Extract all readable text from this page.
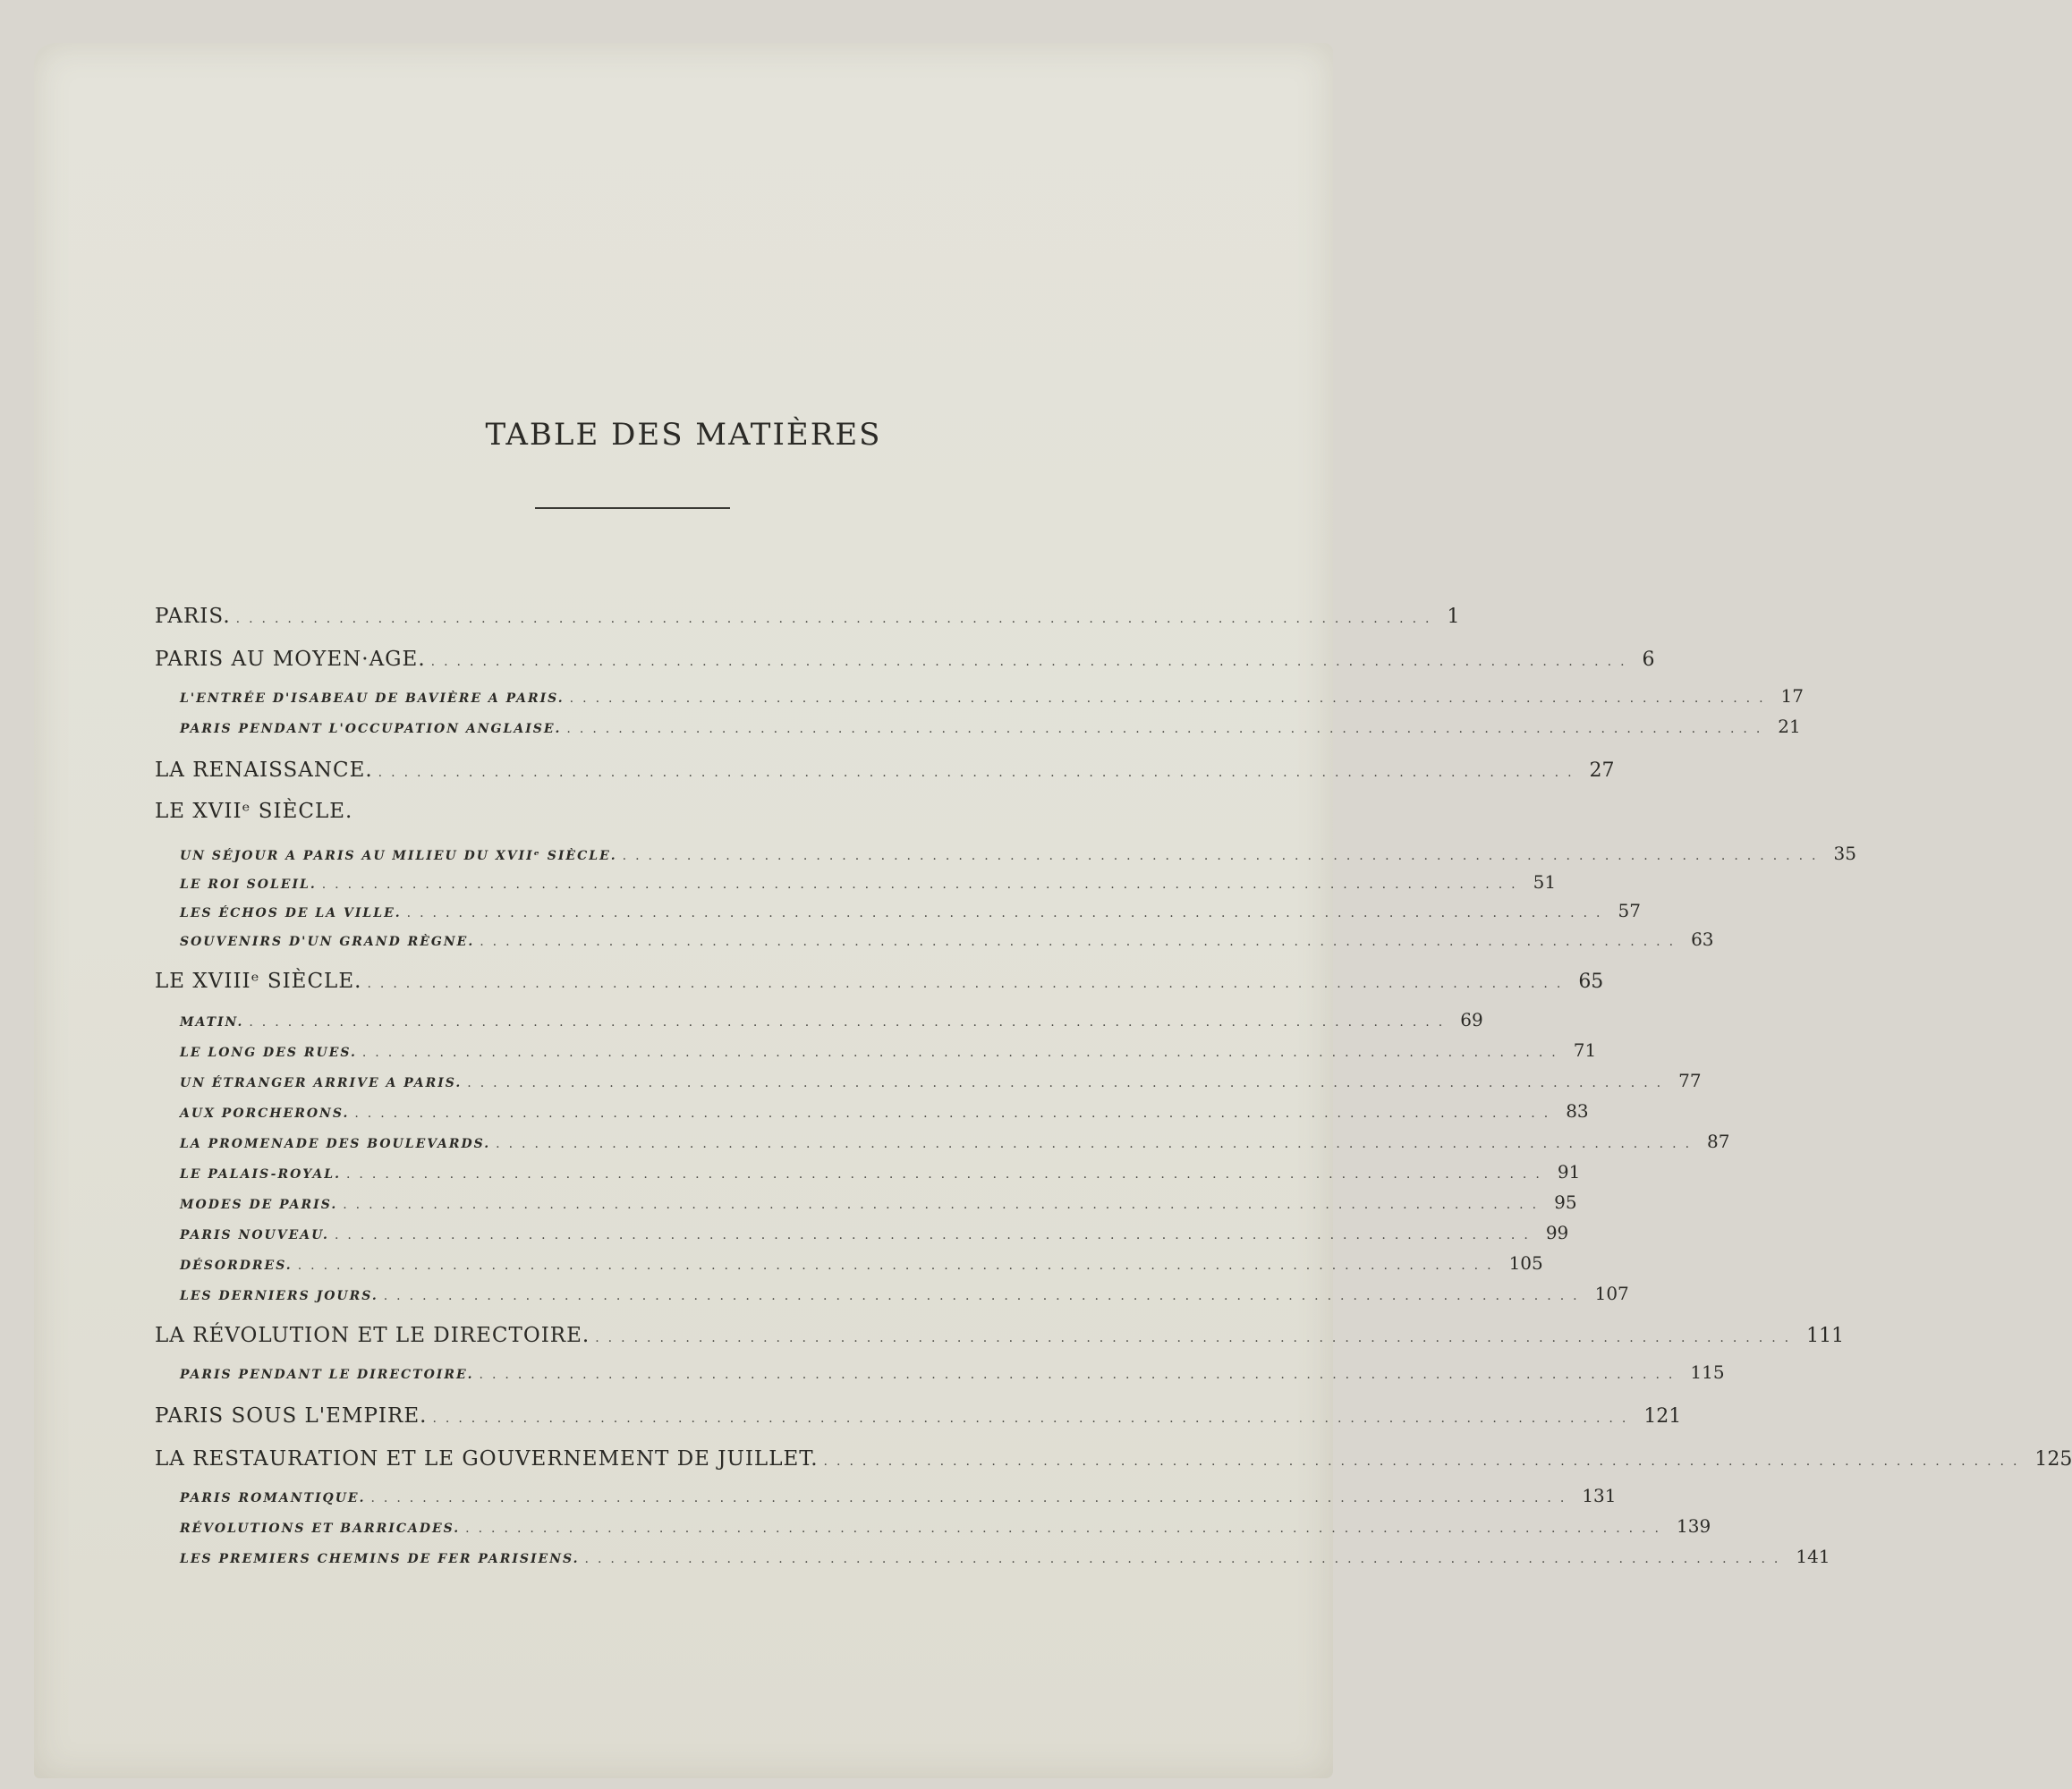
TABLE DES MATIÈRES
PARIS. ............................................................................................. 1
PARIS AU MOYEN·AGE. ............................................................................................. 6
L'ENTRÉE D'ISABEAU DE BAVIÈRE A PARIS. ............................................................................................. 17
PARIS PENDANT L'OCCUPATION ANGLAISE. ............................................................................................. 21
LA RENAISSANCE. ............................................................................................. 27
LE XVIIᵉ SIÈCLE.
UN SÉJOUR A PARIS AU MILIEU DU XVIIᵉ SIÈCLE. ............................................................................................. 35
LE ROI SOLEIL. ............................................................................................. 51
LES ÉCHOS DE LA VILLE. ............................................................................................. 57
SOUVENIRS D'UN GRAND RÈGNE. ............................................................................................. 63
LE XVIIIᵉ SIÈCLE. ............................................................................................. 65
MATIN. ............................................................................................. 69
LE LONG DES RUES. ............................................................................................. 71
UN ÉTRANGER ARRIVE A PARIS. ............................................................................................. 77
AUX PORCHERONS. ............................................................................................. 83
LA PROMENADE DES BOULEVARDS. ............................................................................................. 87
LE PALAIS-ROYAL. ............................................................................................. 91
MODES DE PARIS. ............................................................................................. 95
PARIS NOUVEAU. ............................................................................................. 99
DÉSORDRES. ............................................................................................. 105
LES DERNIERS JOURS. ............................................................................................. 107
LA RÉVOLUTION ET LE DIRECTOIRE. ............................................................................................. 111
PARIS PENDANT LE DIRECTOIRE. ............................................................................................. 115
PARIS SOUS L'EMPIRE. ............................................................................................. 121
LA RESTAURATION ET LE GOUVERNEMENT DE JUILLET. ............................................................................................. 125
PARIS ROMANTIQUE. ............................................................................................. 131
RÉVOLUTIONS ET BARRICADES. ............................................................................................. 139
LES PREMIERS CHEMINS DE FER PARISIENS. ............................................................................................. 141
